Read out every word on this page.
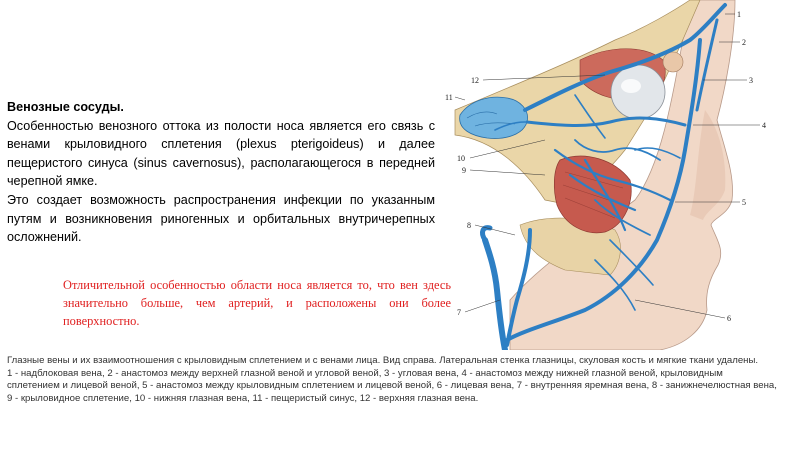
Венозные сосуды.

Особенностью венозного оттока из полости носа является его связь с венами крыловидного сплетения (plexus pterigoideus) и далее пещеристого синуса (sinus cavernosus), располагающегося в передней черепной ямке.

Это создает возможность распространения инфекции по указанным путям и возникновения риногенных и орбитальных внутричерепных осложнений.

Отличительной особенностью области носа является то, что вен здесь значительно больше, чем артерий, и расположены они более поверхностно.

1
2
3
4
5
6
7
8
9
10
11
12

Глазные вены и их взаимоотношения с крыловидным сплетением и с венами лица. Вид справа. Латеральная стенка глазницы, скуловая кость и мягкие ткани удалены.

1 - надблоковая вена, 2 - анастомоз между верхней глазной веной и угловой веной, 3 - угловая вена, 4 - анастомоз между нижней глазной веной, крыловидным сплетением и лицевой веной, 5 - анастомоз между крыловидным сплетением и лицевой веной, 6 - лицевая вена, 7 - внутренняя яремная вена, 8 - занижнечелюстная вена, 9 - крыловидное сплетение, 10 - нижняя глазная вена, 11 - пещеристый синус, 12 - верхняя глазная вена.
